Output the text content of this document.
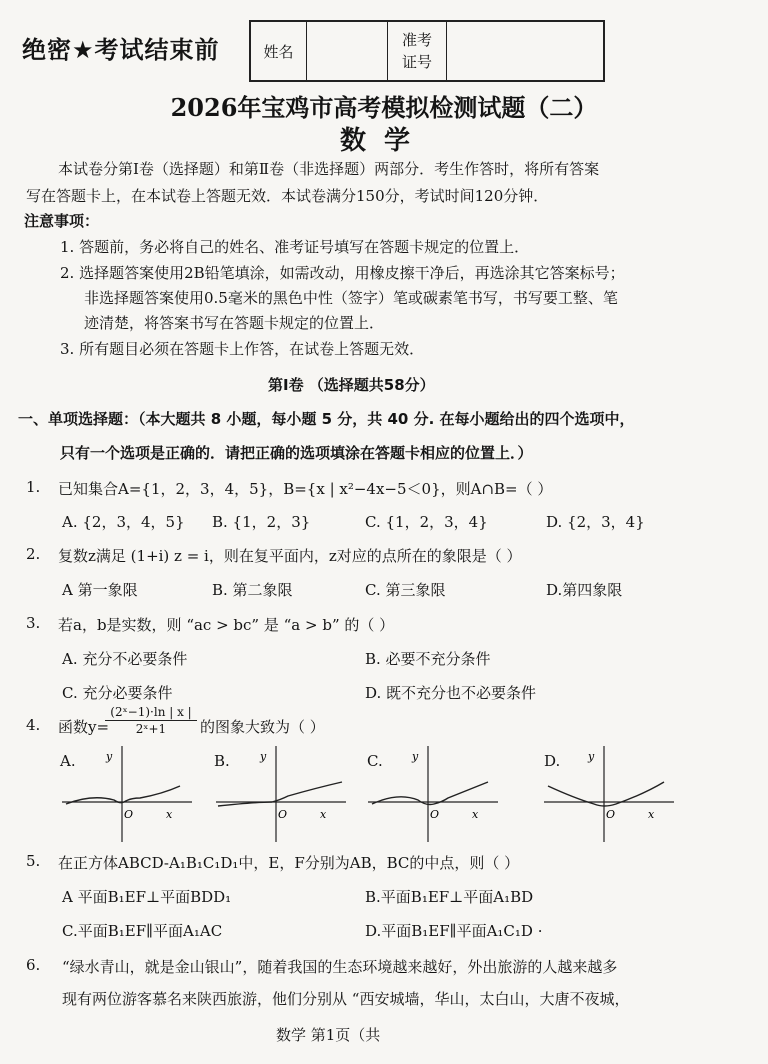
绝密★考试结束前	姓名
准考
证号
2026年宝鸡市高考模拟检测试题（二）
数学
本试卷分第Ⅰ卷（选择题）和第Ⅱ卷（非选择题）两部分．考生作答时，将所有答案
写在答题卡上，在本试卷上答题无效．本试卷满分150分，考试时间120分钟．
注意事项：
1. 答题前，务必将自己的姓名、准考证号填写在答题卡规定的位置上．
2. 选择题答案使用2B铅笔填涂，如需改动，用橡皮擦干净后，再选涂其它答案标号；
非选择题答案使用0.5毫米的黑色中性（签字）笔或碳素笔书写，书写要工整、笔
迹清楚，将答案书写在答题卡规定的位置上．
3. 所有题目必须在答题卡上作答，在试卷上答题无效．
第Ⅰ卷 （选择题共58分）
一、单项选择题：（本大题共 8 小题，每小题 5 分，共 40 分. 在每小题给出的四个选项中，
只有一个选项是正确的．请把正确的选项填涂在答题卡相应的位置上．）
1. 已知集合A={1，2，3，4，5}，B={x | x²−4x−5＜0}，则A∩B=（ ）
A. {2，3，4，5} B. {1，2，3}	C. {1，2，3，4}	D. {2，3，4}
2. 复数z满足 (1+i) z = i，则在复平面内，z对应的点所在的象限是（ ）
A 第一象限	B. 第二象限	C. 第三象限	D.第四象限
3. 若a，b是实数，则 “ac > bc” 是 “a > b” 的（ ）
A. 充分不必要条件	B. 必要不充分条件
C. 充分必要条件	D. 既不充分也不必要条件
4. 函数y=
$\frac{\text{(2ˣ−1)·ln | x |}}{\text{2ˣ+1}}$ 的图象大致为（ ）
A.	B.	C.	D.
y
O	x
y
O	x
y
O	x
y
O	x
5. 在正方体ABCD-A₁B₁C₁D₁中，E，F分别为AB，BC的中点，则（ ）
A 平面B₁EF⊥平面BDD₁	B.平面B₁EF⊥平面A₁BD
C.平面B₁EF∥平面A₁AC	D.平面B₁EF∥平面A₁C₁D ·
6. “绿水青山，就是金山银山”，随着我国的生态环境越来越好，外出旅游的人越来越多
现有两位游客慕名来陕西旅游，他们分别从 “西安城墙，华山，太白山，大唐不夜城，
数学 第1页（共
